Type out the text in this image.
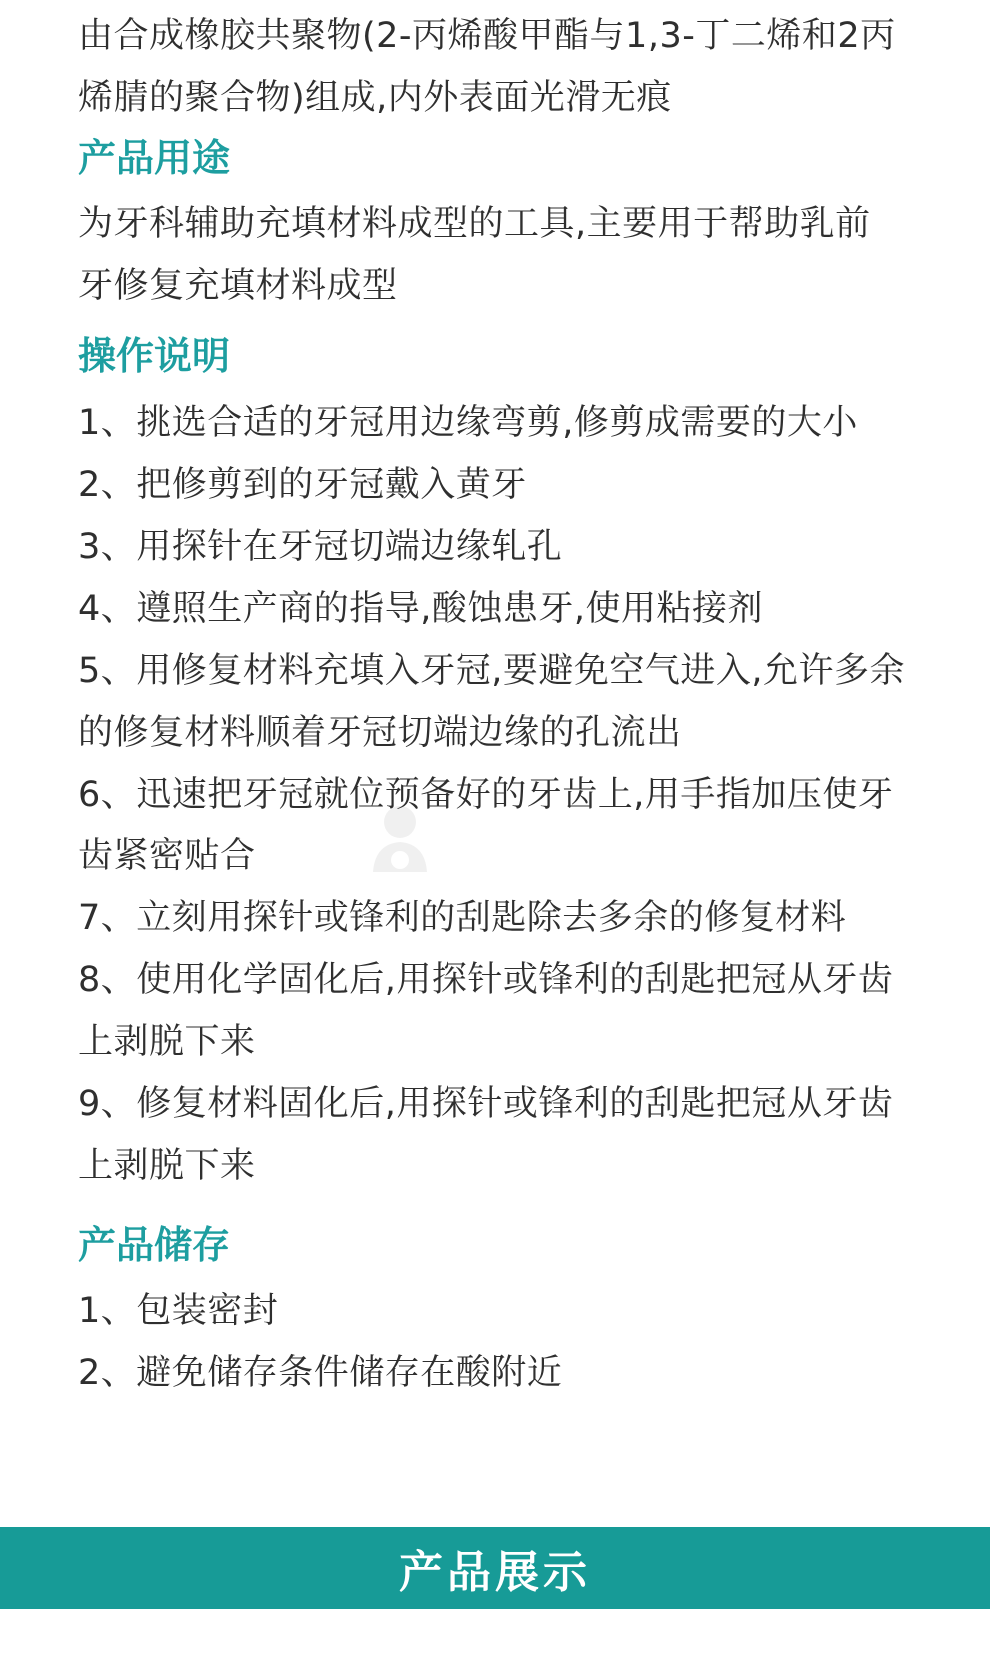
由合成橡胶共聚物(2-丙烯酸甲酯与1,3-丁二烯和2丙
烯腈的聚合物)组成,内外表面光滑无痕
产品用途
为牙科辅助充填材料成型的工具,主要用于帮助乳前
牙修复充填材料成型
操作说明
1、挑选合适的牙冠用边缘弯剪,修剪成需要的大小
2、把修剪到的牙冠戴入黄牙
3、用探针在牙冠切端边缘轧孔
4、遵照生产商的指导,酸蚀患牙,使用粘接剂
5、用修复材料充填入牙冠,要避免空气进入,允许多余
的修复材料顺着牙冠切端边缘的孔流出
6、迅速把牙冠就位预备好的牙齿上,用手指加压使牙
齿紧密贴合
7、立刻用探针或锋利的刮匙除去多余的修复材料
8、使用化学固化后,用探针或锋利的刮匙把冠从牙齿
上剥脱下来
9、修复材料固化后,用探针或锋利的刮匙把冠从牙齿
上剥脱下来
产品储存
1、包装密封
2、避免储存条件储存在酸附近
产品展示
